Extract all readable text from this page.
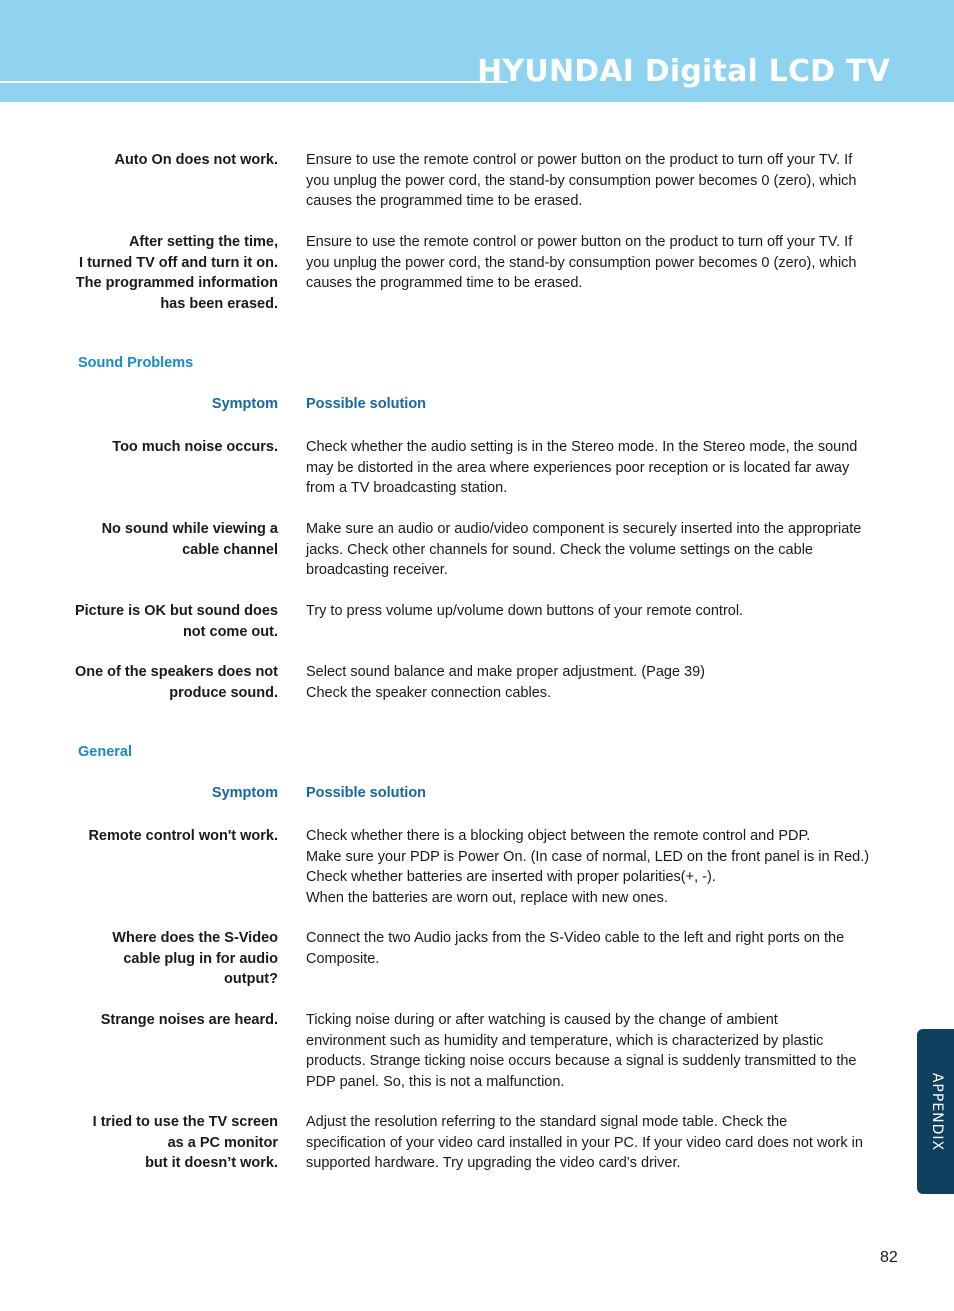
HYUNDAI Digital LCD TV
Auto On does not work. Ensure to use the remote control or power button on the product to turn off your TV. If
you unplug the power cord, the stand-by consumption power becomes 0 (zero), which
causes the programmed time to be erased.
After setting the time,
I turned TV off and turn it on.
The programmed information
has been erased.
Ensure to use the remote control or power button on the product to turn off your TV. If
you unplug the power cord, the stand-by consumption power becomes 0 (zero), which
causes the programmed time to be erased.
Sound Problems
Symptom Possible solution
Too much noise occurs. Check whether the audio setting is in the Stereo mode. In the Stereo mode, the sound
may be distorted in the area where experiences poor reception or is located far away
from a TV broadcasting station.
No sound while viewing a
cable channel
Make sure an audio or audio/video component is securely inserted into the appropriate
jacks. Check other channels for sound. Check the volume settings on the cable
broadcasting receiver.
Picture is OK but sound does
not come out.
Try to press volume up/volume down buttons of your remote control.
One of the speakers does not
produce sound.
Select sound balance and make proper adjustment. (Page 39)
Check the speaker connection cables.
General
Symptom Possible solution
Remote control won't work. Check whether there is a blocking object between the remote control and PDP.
Make sure your PDP is Power On. (In case of normal, LED on the front panel is in Red.)
Check whether batteries are inserted with proper polarities(+, -).
When the batteries are worn out, replace with new ones.
Where does the S-Video
cable plug in for audio
output?
Connect the two Audio jacks from the S-Video cable to the left and right ports on the
Composite.
Strange noises are heard. Ticking noise during or after watching is caused by the change of ambient
environment such as humidity and temperature, which is characterized by plastic
products. Strange ticking noise occurs because a signal is suddenly transmitted to the
PDP panel. So, this is not a malfunction.
I tried to use the TV screen
as a PC monitor
but it doesn’t work.
Adjust the resolution referring to the standard signal mode table. Check the
specification of your video card installed in your PC. If your video card does not work in
supported hardware. Try upgrading the video card’s driver.
APPENDIX
82
